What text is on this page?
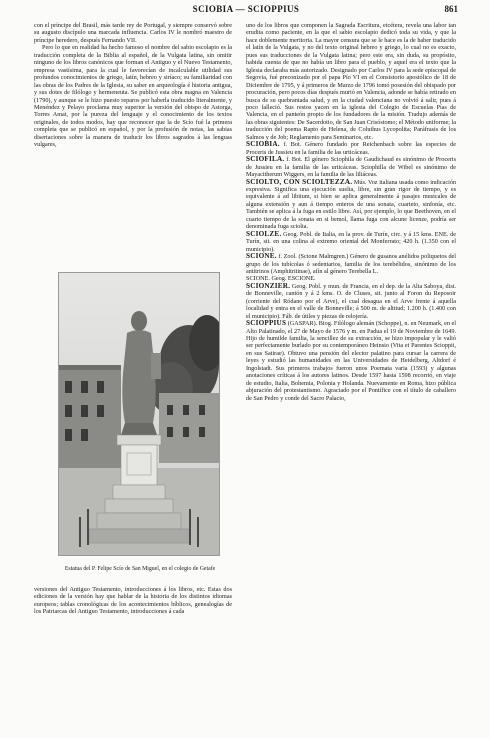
SCIOBIA — SCIOPPIUS	861

con el príncipe del Brasil, más tarde rey de Portugal, y siempre conservó sobre su augusto discípulo una marcada influencia. Carlos IV le nombró maestro de príncipe heredero, después Fernando VII.

Pero lo que en realidad ha hecho famoso el nombre del sabio escolapio es la traducción completa de la Biblia al español, de la Vulgata latina, sin omitir ninguno de los libros canónicos que forman el Antiguo y el Nuevo Testamento, empresa vastísima, para la cual le favorecían de incalculable utilidad sus profundos conocimientos de griego, latín, hebreo y siríaco; su familiaridad con las obras de los Padres de la Iglesia, su saber en arqueología é historia antigua, y sus dotes de filólogo y hermeneuta. Se publicó esta obra magna en Valencia (1790), y aunque se le hizo puesto reparos por haberla traducido literalmente, y Menéndez y Pelayo proclama muy superior la versión del obispo de Astorga, Torres Amat, por la pureza del lenguaje y el conocimiento de los textos originales, de todos modos, hay que reconocer que la de Scío fué la primera completa que se publicó en español, y por la profusión de notas, las sabias disertaciones sobre la manera de traducir los libros sagrados á las lenguas vulgares,

Estatua del P. Felipe Scío de San Miguel, en el colegio de Getafe

versiones del Antiguo Testamento, introducciones á los libros, etc. Estas dos ediciones de la versión hay que hablar de la historia de los distintos idiomas europeos; tablas cronológicas de los acontecimientos bíblicos, genealogías de los Patriarcas del Antiguo Testamento, introducciones á cada

uno de los libros que componen la Sagrada Escritura, etcétera, revela una labor tan erudita como paciente, en la que el sabio escolapio dedicó toda su vida, y que la hace doblemente meritoria. La mayor censura que se le hace es la de haber traducido el latín de la Vulgata, y no del texto original hebreo y griego, lo cual no es exacto, pues sus traducciones de la Vulgata latina; pero este era, sin duda, su propósito, habida cuenta de que no había un libro para el pueblo, y aquel era el texto que la Iglesia declaraba más autorizado. Designado por Carlos IV para la sede episcopal de Segovia, fué preconizado por el papa Pío VI en el Consistorio apostólico de 18 de Diciembre de 1795, y á primeros de Marzo de 1796 tomó posesión del obispado por procuración, pero pocos días después murió en Valencia, adonde se había retirado en busca de su quebrantada salud, y en la ciudad valenciana no volvió á salir, pues á poco falleció. Sus restos yacen en la iglesia del Colegio de Escuelas Pías de Valencia, en el panteón propio de los fundadores de la misión. Tradujo además de las obras siguientes: De Sacerdotio, de San Juan Crisóstomo; el Método uniforme; la traducción del poema Rapto de Helena, de Coluthus Lycopolita; Paráfrasis de los Salmos y de Job; Reglamento para Seminarios, etc.

SCIOBIA. f. Bot. Género fundado por Reichenbach sobre las especies de Proceris de Jussieu en la familia de las urticáceas.

SCIOFILA. f. Bot. El género Sciophila de Gaudichaud es sinónimo de Proceris de Jussieu en la familia de las urticáceas. Sciophilla de Wibel es sinónimo de Mayacitherum Wiggers, en la familia de las liliáceas.

SCIOLTO, CON SCIOLTEZZA. Mús. Voz italiana usada como indicación expresiva. Significa una ejecución suelta, libre, sin gran rigor de tiempo, y es equivalente á ad libitum, si bien se aplica generalmente á pasajes musicales de alguna extensión y aun á tiempo enteros de una sonata, cuarteto, sinfonía, etc. También se aplica á la fuga en estilo libre. Así, por ejemplo, lo que Beethoven, en el cuarto tiempo de la sonata en si bemol, llama fuga con alcune licenze, podría ser denominada fuga sciolta.

SCIOLZE. Geog. Pobl. de Italia, en la prov. de Turín, circ. y á 15 kms. ENE. de Turín, sit. en una colina al extremo oriental del Monferrato; 420 h. (1.350 con el municipio).

SCIONE. f. Zool. (Scione Malmgren.) Género de gusanos anélidos poliquetos del grupo de los tubícolas ó sedentarios, familia de los terebélidos, sinónimo de los antitrinos (Amphitritinae), afín al género Terebella L.

SCIONE. Geog. ESCIONE.

SCIONZIER. Geog. Pobl. y mun. de Francia, en el dep. de la Alta Saboya, dist. de Bonneville, cantón y á 2 kms. O. de Cluses, sit. junto al Foron du Reposoir (corriente del Ródano por el Arve), el cual desagua en el Arve frente á aquella localidad y entra en el valle de Bonneville; á 500 m. de altitud; 1.200 h. (1.400 con el municipio). Fáb. de útiles y piezas de relojería.

SCIOPPIUS (GASPAR). Biog. Filólogo alemán (Schoppe), n. en Neumark, en el Alto Palatinado, el 27 de Mayo de 1576 y m. en Padua el 19 de Noviembre de 1649. Hijo de humilde familia, la sencillez de su extracción, se hizo impopular y le valió ser perfectamente burlado por su contemporáneo Heinsio (Vita et Parentes Scioppii, en sus Satirae). Obtuvo una pensión del elector palatino para cursar la carrera de leyes y estudió las humanidades en las Universidades de Heidelberg, Altdorf é Ingolstadt. Sus primeros trabajos fueron unos Poemata varia (1593) y algunas anotaciones críticas á los autores latinos. Desde 1597 hasta 1598 recorrió, en viaje de estudio, Italia, Bohemia, Polonia y Holanda. Nuevamente en Roma, hizo pública abjuración del protestantismo. Agraciado por el Pontífice con el título de caballero de San Pedro y conde del Sacro Palacio,
